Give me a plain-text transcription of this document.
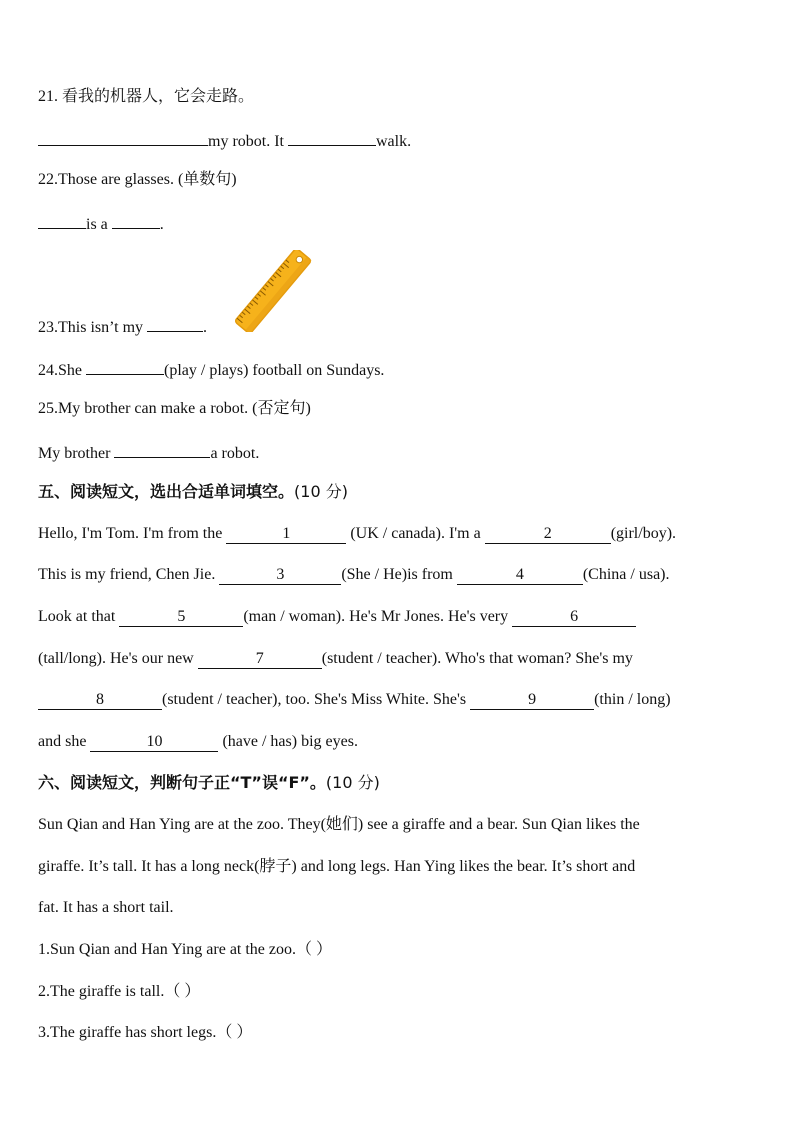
21. 看我的机器人，它会走路。
my robot. It	walk.
22.Those are glasses. (单数句)
is a	.
23.This isn’t my	.
24.She	(play / plays) football on Sundays.
25.My brother can make a robot. (否定句)
My brother	a robot.
五、阅读短文，选出合适单词填空。(10 分)
Hello, I'm Tom. I'm from the	1	(UK / canada). I'm a	2	(girl/boy).
This is my friend, Chen Jie.	3	(She / He)is from	4	(China / usa).
Look at that	5	(man / woman). He's Mr Jones. He's very	6
(tall/long). He's our new	7	(student / teacher). Who's that woman? She's my
8	(student / teacher), too. She's Miss White. She's	9	(thin / long)
and she	10	(have / has) big eyes.
六、阅读短文，判断句子正“T”误“F”。(10 分)
Sun Qian and Han Ying are at the zoo. They(她们) see a giraffe and a bear. Sun Qian likes the
giraffe. It’s tall. It has a long neck(脖子) and long legs. Han Ying likes the bear. It’s short and
fat. It has a short tail.
1.Sun Qian and Han Ying are at the zoo.（ ）
2.The giraffe is tall.（ ）
3.The giraffe has short legs.（ ）
